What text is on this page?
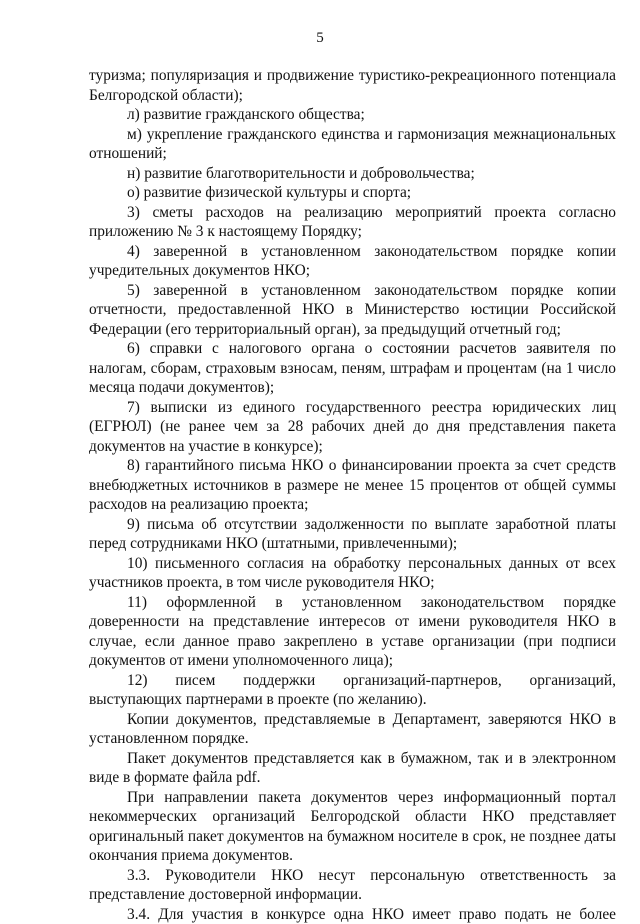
5

туризма; популяризация и продвижение туристико-рекреационного потенциала Белгородской области);

л) развитие гражданского общества;

м) укрепление гражданского единства и гармонизация межнациональных отношений;

н) развитие благотворительности и добровольчества;

о) развитие физической культуры и спорта;

3) сметы расходов на реализацию мероприятий проекта согласно приложению № 3 к настоящему Порядку;

4) заверенной в установленном законодательством порядке копии учредительных документов НКО;

5) заверенной в установленном законодательством порядке копии отчетности, предоставленной НКО в Министерство юстиции Российской Федерации (его территориальный орган), за предыдущий отчетный год;

6) справки с налогового органа о состоянии расчетов заявителя по налогам, сборам, страховым взносам, пеням, штрафам и процентам (на 1 число месяца подачи документов);

7) выписки из единого государственного реестра юридических лиц (ЕГРЮЛ) (не ранее чем за 28 рабочих дней до дня представления пакета документов на участие в конкурсе);

8) гарантийного письма НКО о финансировании проекта за счет средств внебюджетных источников в размере не менее 15 процентов от общей суммы расходов на реализацию проекта;

9) письма об отсутствии задолженности по выплате заработной платы перед сотрудниками НКО (штатными, привлеченными);

10) письменного согласия на обработку персональных данных от всех участников проекта, в том числе руководителя НКО;

11) оформленной в установленном законодательством порядке доверенности на представление интересов от имени руководителя НКО в случае, если данное право закреплено в уставе организации (при подписи документов от имени уполномоченного лица);

12) писем поддержки организаций-партнеров, организаций, выступающих партнерами в проекте (по желанию).

Копии документов, представляемые в Департамент, заверяются НКО в установленном порядке.

Пакет документов представляется как в бумажном, так и в электронном виде в формате файла pdf.

При направлении пакета документов через информационный портал некоммерческих организаций Белгородской области НКО представляет оригинальный пакет документов на бумажном носителе в срок, не позднее даты окончания приема документов.

3.3. Руководители НКО несут персональную ответственность за представление достоверной информации.

3.4. Для участия в конкурсе одна НКО имеет право подать не более
